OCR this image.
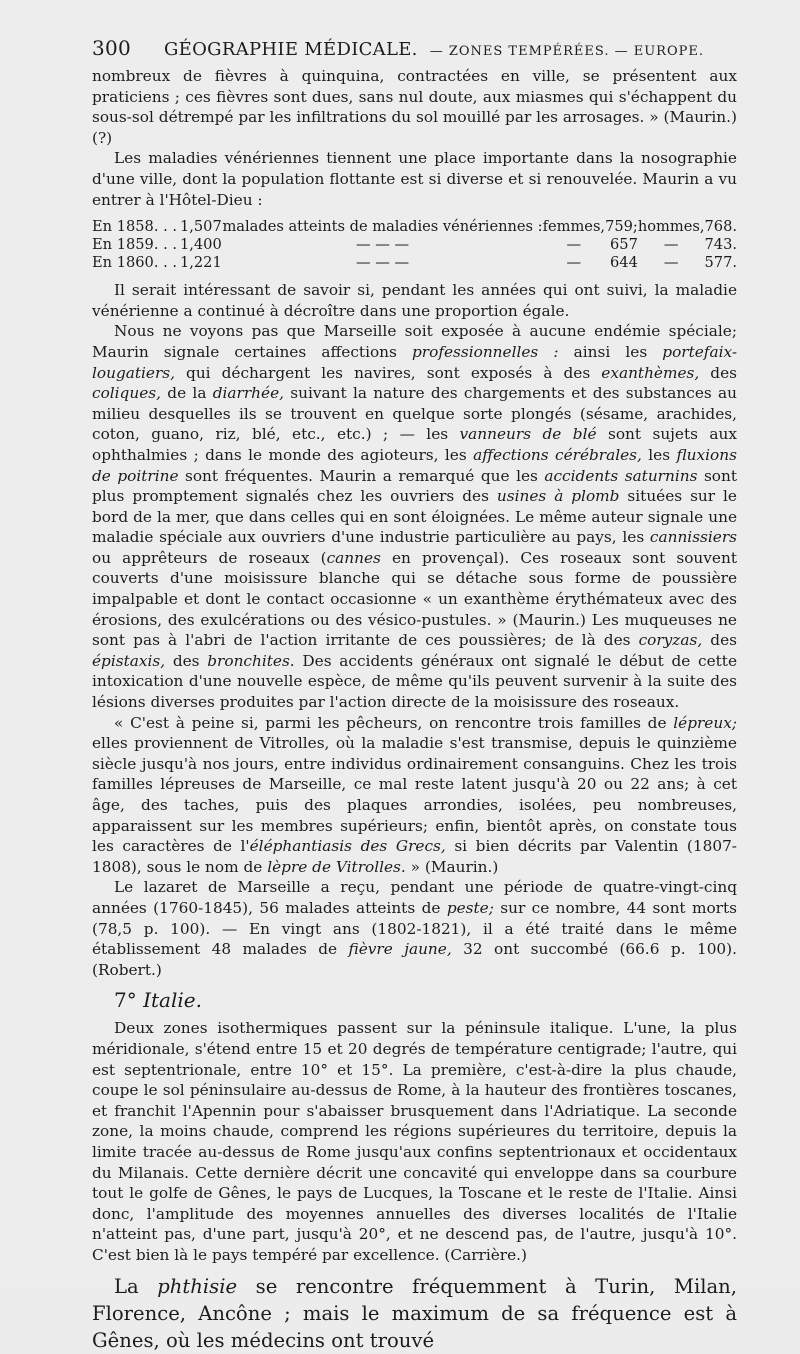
300	GÉOGRAPHIE MÉDICALE. — ZONES TEMPÉRÉES. — EUROPE.

nombreux de fièvres à quinquina, contractées en ville, se présentent aux praticiens ; ces fièvres sont dues, sans nul doute, aux miasmes qui s'échappent du sous-sol détrempé par les infiltrations du sol mouillé par les arrosages. » (Maurin.) (?)

Les maladies vénériennes tiennent une place importante dans la nosographie d'une ville, dont la population flottante est si diverse et si renouvelée. Maurin a vu entrer à l'Hôtel-Dieu :

En 1858. . .	1,507	malades atteints de maladies vénériennes :	femmes,	759;	hommes,	768.
En 1859. . .	1,400	— — —	—	657	—	743.
En 1860. . .	1,221	— — —	—	644	—	577.

Il serait intéressant de savoir si, pendant les années qui ont suivi, la maladie vénérienne a continué à décroître dans une proportion égale.

Nous ne voyons pas que Marseille soit exposée à aucune endémie spéciale; Maurin signale certaines affections professionnelles : ainsi les portefaix-lougatiers, qui déchargent les navires, sont exposés à des exanthèmes, des coliques, de la diarrhée, suivant la nature des chargements et des substances au milieu desquelles ils se trouvent en quelque sorte plongés (sésame, arachides, coton, guano, riz, blé, etc., etc.) ; — les vanneurs de blé sont sujets aux ophthalmies ; dans le monde des agioteurs, les affections cérébrales, les fluxions de poitrine sont fréquentes. Maurin a remarqué que les accidents saturnins sont plus promptement signalés chez les ouvriers des usines à plomb situées sur le bord de la mer, que dans celles qui en sont éloignées. Le même auteur signale une maladie spéciale aux ouvriers d'une industrie particulière au pays, les cannissiers ou apprêteurs de roseaux (cannes en provençal). Ces roseaux sont souvent couverts d'une moisissure blanche qui se détache sous forme de poussière impalpable et dont le contact occasionne « un exanthème érythémateux avec des érosions, des exulcérations ou des vésico-pustules. » (Maurin.) Les muqueuses ne sont pas à l'abri de l'action irritante de ces poussières; de là des coryzas, des épistaxis, des bronchites. Des accidents généraux ont signalé le début de cette intoxication d'une nouvelle espèce, de même qu'ils peuvent survenir à la suite des lésions diverses produites par l'action directe de la moisissure des roseaux.

« C'est à peine si, parmi les pêcheurs, on rencontre trois familles de lépreux; elles proviennent de Vitrolles, où la maladie s'est transmise, depuis le quinzième siècle jusqu'à nos jours, entre individus ordinairement consanguins. Chez les trois familles lépreuses de Marseille, ce mal reste latent jusqu'à 20 ou 22 ans; à cet âge, des taches, puis des plaques arrondies, isolées, peu nombreuses, apparaissent sur les membres supérieurs; enfin, bientôt après, on constate tous les caractères de l'éléphantiasis des Grecs, si bien décrits par Valentin (1807-1808), sous le nom de lèpre de Vitrolles. » (Maurin.)

Le lazaret de Marseille a reçu, pendant une période de quatre-vingt-cinq années (1760-1845), 56 malades atteints de peste; sur ce nombre, 44 sont morts (78,5 p. 100). — En vingt ans (1802-1821), il a été traité dans le même établissement 48 malades de fièvre jaune, 32 ont succombé (66.6 p. 100). (Robert.)

7° Italie.

Deux zones isothermiques passent sur la péninsule italique. L'une, la plus méridionale, s'étend entre 15 et 20 degrés de température centigrade; l'autre, qui est septentrionale, entre 10° et 15°. La première, c'est-à-dire la plus chaude, coupe le sol péninsulaire au-dessus de Rome, à la hauteur des frontières toscanes, et franchit l'Apennin pour s'abaisser brusquement dans l'Adriatique. La seconde zone, la moins chaude, comprend les régions supérieures du territoire, depuis la limite tracée au-dessus de Rome jusqu'aux confins septentrionaux et occidentaux du Milanais. Cette dernière décrit une concavité qui enveloppe dans sa courbure tout le golfe de Gênes, le pays de Lucques, la Toscane et le reste de l'Italie. Ainsi donc, l'amplitude des moyennes annuelles des diverses localités de l'Italie n'atteint pas, d'une part, jusqu'à 20°, et ne descend pas, de l'autre, jusqu'à 10°. C'est bien là le pays tempéré par excellence. (Carrière.)

La phthisie se rencontre fréquemment à Turin, Milan, Florence, Ancône ; mais le maximum de sa fréquence est à Gênes, où les médecins ont trouvé
